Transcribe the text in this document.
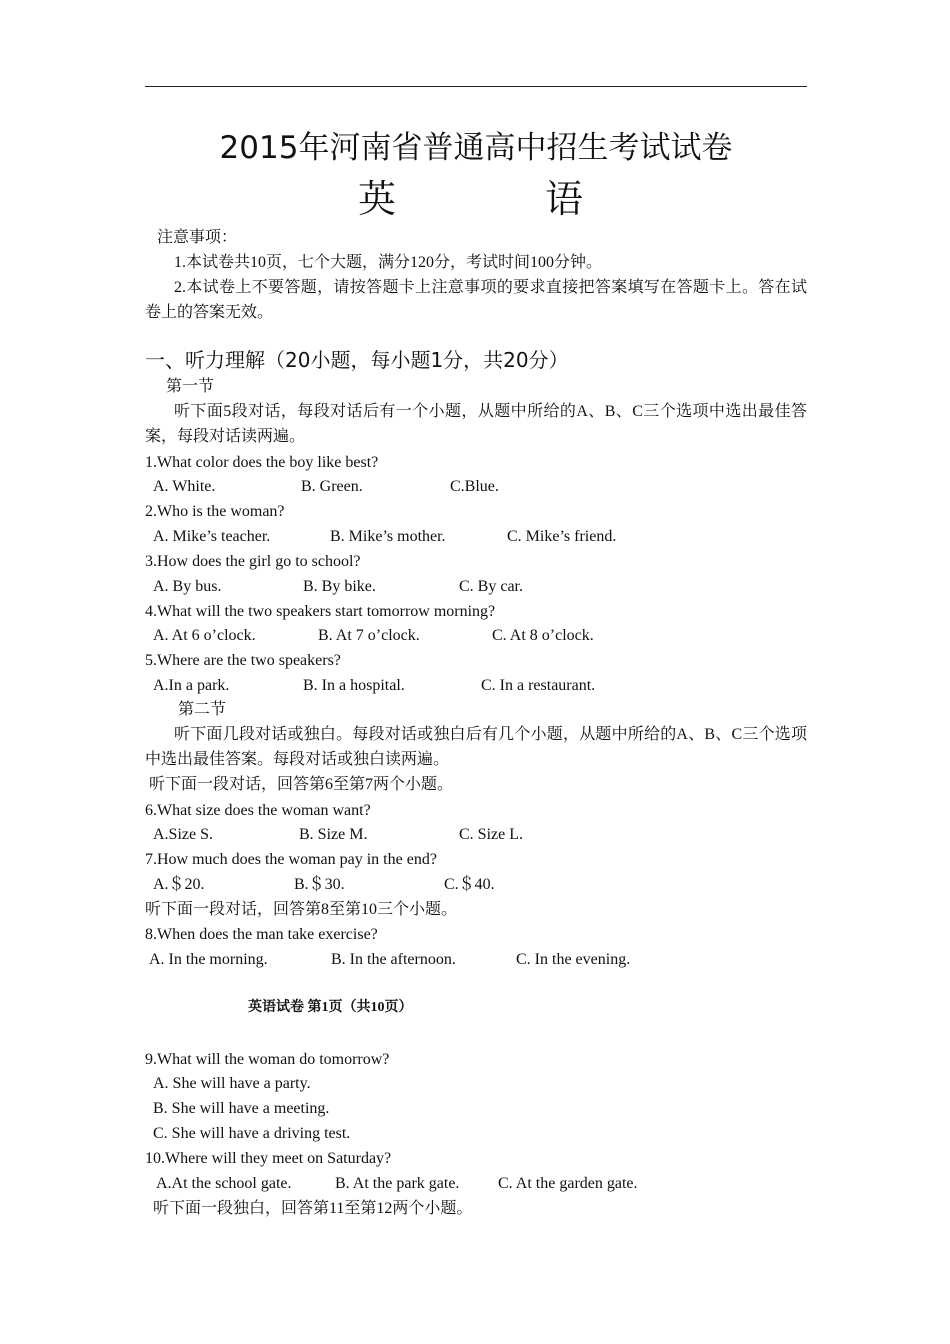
2015年河南省普通高中招生考试试卷
英	语
注意事项：
1.本试卷共10页，七个大题，满分120分，考试时间100分钟。
2.本试卷上不要答题，请按答题卡上注意事项的要求直接把答案填写在答题卡上。答在试卷上的答案无效。
一、听力理解（20小题，每小题1分，共20分）
第一节
听下面5段对话，每段对话后有一个小题，从题中所给的A、B、C三个选项中选出最佳答案，每段对话读两遍。
1.What color does the boy like best?
A. White.	B. Green.	C.Blue.
2.Who is the woman?
A. Mike’s teacher.	B. Mike’s mother.	C. Mike’s friend.
3.How does the girl go to school?
A. By bus.	B. By bike.	C. By car.
4.What will the two speakers start tomorrow morning?
A. At 6 o’clock.	B. At 7 o’clock.	C. At 8 o’clock.
5.Where are the two speakers?
A.In a park.	B. In a hospital.	C. In a restaurant.
第二节
听下面几段对话或独白。每段对话或独白后有几个小题，从题中所给的A、B、C三个选项中选出最佳答案。每段对话或独白读两遍。
听下面一段对话，回答第6至第7两个小题。
6.What size does the woman want?
A.Size S.	B. Size M.	C. Size L.
7.How much does the woman pay in the end?
A.＄20.	B.＄30.	C.＄40.
听下面一段对话，回答第8至第10三个小题。
8.When does the man take exercise?
A. In the morning.	B. In the afternoon.	C. In the evening.
英语试卷 第1页（共10页）
9.What will the woman do tomorrow?
A. She will have a party.
B. She will have a meeting.
C. She will have a driving test.
10.Where will they meet on Saturday?
A.At the school gate.	B. At the park gate. C. At the garden gate.
听下面一段独白，回答第11至第12两个小题。
